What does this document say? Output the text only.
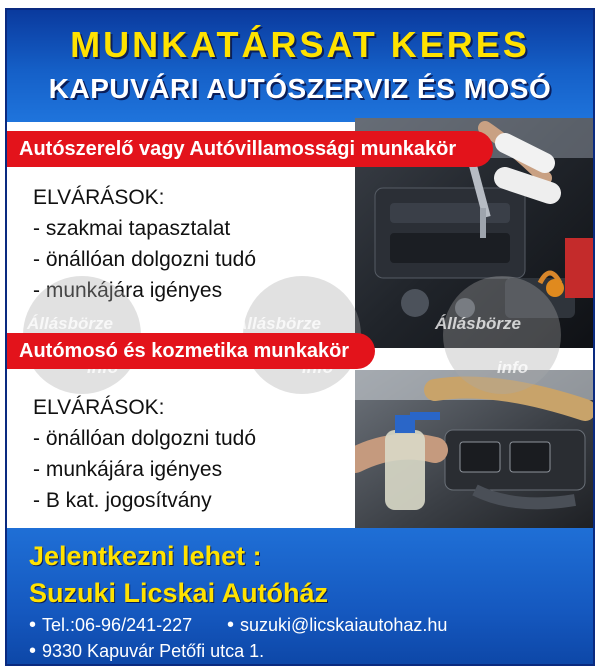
MUNKATÁRSAT KERES
KAPUVÁRI AUTÓSZERVIZ ÉS MOSÓ
Autószerelő vagy Autóvillamossági munkakör
ELVÁRÁSOK:
- szakmai tapasztalat
- önállóan dolgozni tudó
- munkájára igényes
Állásbörze	Állásbörze	Állásbörze
info
Autómosó és kozmetika munkakör
ELVÁRÁSOK:
- önállóan dolgozni tudó
- munkájára igényes
- B kat. jogosítvány
Jelentkezni lehet :
Suzuki Licskai Autóház
• Tel.:06-96/241-227 • suzuki@licskaiautohaz.hu
• 9330 Kapuvár Petőfi utca 1.
